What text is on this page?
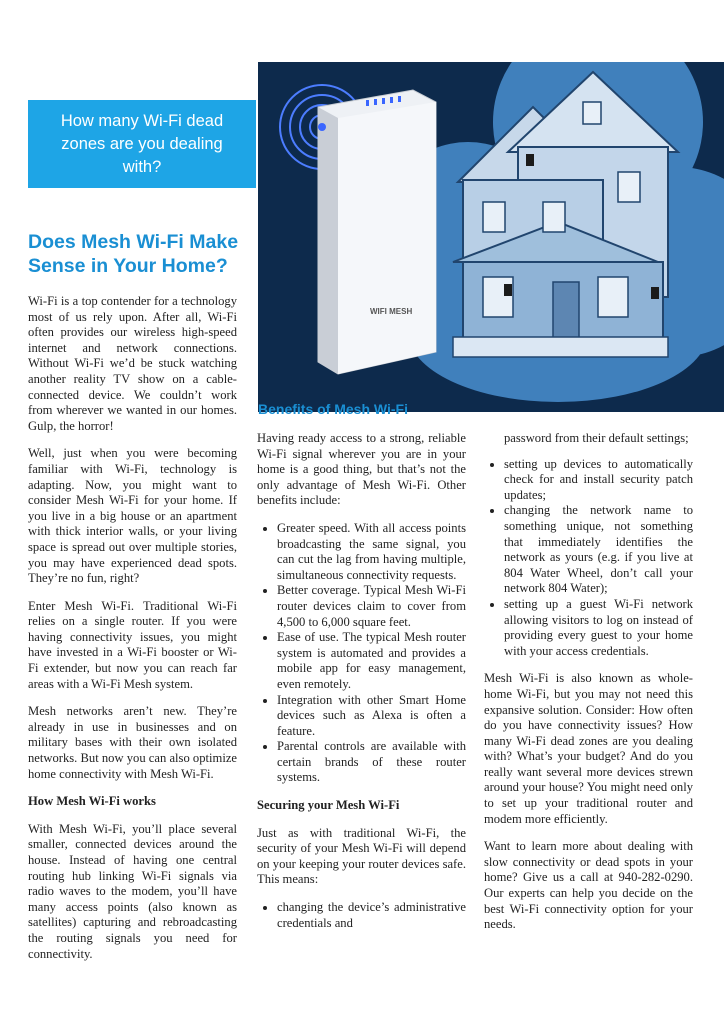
WIFI MESH
How many Wi-Fi dead zones are you dealing with?
Does Mesh Wi-Fi Make Sense in Your Home?

Wi-Fi is a top contender for a technology most of us rely upon. After all, Wi-Fi often provides our wireless high-speed internet and network connections. Without Wi-Fi we’d be stuck watching another reality TV show on a cable-connected device. We couldn’t work from wherever we wanted in our homes. Gulp, the horror!

Well, just when you were becoming familiar with Wi-Fi, technology is adapting. Now, you might want to consider Mesh Wi-Fi for your home. If you live in a big house or an apartment with thick interior walls, or your living space is spread out over multiple stories, you may have experienced dead spots. They’re no fun, right?

Enter Mesh Wi-Fi. Traditional Wi-Fi relies on a single router. If you were having connectivity issues, you might have invested in a Wi-Fi booster or Wi-Fi extender, but now you can reach far areas with a Wi-Fi Mesh system.

Mesh networks aren’t new. They’re already in use in businesses and on military bases with their own isolated networks. But now you can also optimize home connectivity with Mesh Wi-Fi.

How Mesh Wi-Fi works

With Mesh Wi-Fi, you’ll place several smaller, connected devices around the house. Instead of having one central routing hub linking Wi-Fi signals via radio waves to the modem, you’ll have many access points (also known as satellites) capturing and rebroadcasting the routing signals you need for connectivity.

Benefits of Mesh Wi-Fi

Having ready access to a strong, reliable Wi-Fi signal wherever you are in your home is a good thing, but that’s not the only advantage of Mesh Wi-Fi. Other benefits include:

• Greater speed. With all access points broadcasting the same signal, you can cut the lag from having multiple, simultaneous connectivity requests.
• Better coverage. Typical Mesh Wi-Fi router devices claim to cover from 4,500 to 6,000 square feet.
• Ease of use. The typical Mesh router system is automated and provides a mobile app for easy management, even remotely.
• Integration with other Smart Home devices such as Alexa is often a feature.
• Parental controls are available with certain brands of these router systems.
Securing your Mesh Wi-Fi

Just as with traditional Wi-Fi, the security of your Mesh Wi-Fi will depend on your keeping your router devices safe. This means:

• changing the device’s administrative credentials and
password from their default settings;
• setting up devices to automatically check for and install security patch updates;
• changing the network name to something unique, not something that immediately identifies the network as yours (e.g. if you live at 804 Water Wheel, don’t call your network 804 Water);
• setting up a guest Wi-Fi network allowing visitors to log on instead of providing every guest to your home with your access credentials.

Mesh Wi-Fi is also known as whole-home Wi-Fi, but you may not need this expansive solution. Consider: How often do you have connectivity issues? How many Wi-Fi dead zones are you dealing with? What’s your budget? And do you really want several more devices strewn around your house? You might need only to set up your traditional router and modem more efficiently.

Want to learn more about dealing with slow connectivity or dead spots in your home? Give us a call at 940-282-0290. Our experts can help you decide on the best Wi-Fi connectivity option for your needs.
